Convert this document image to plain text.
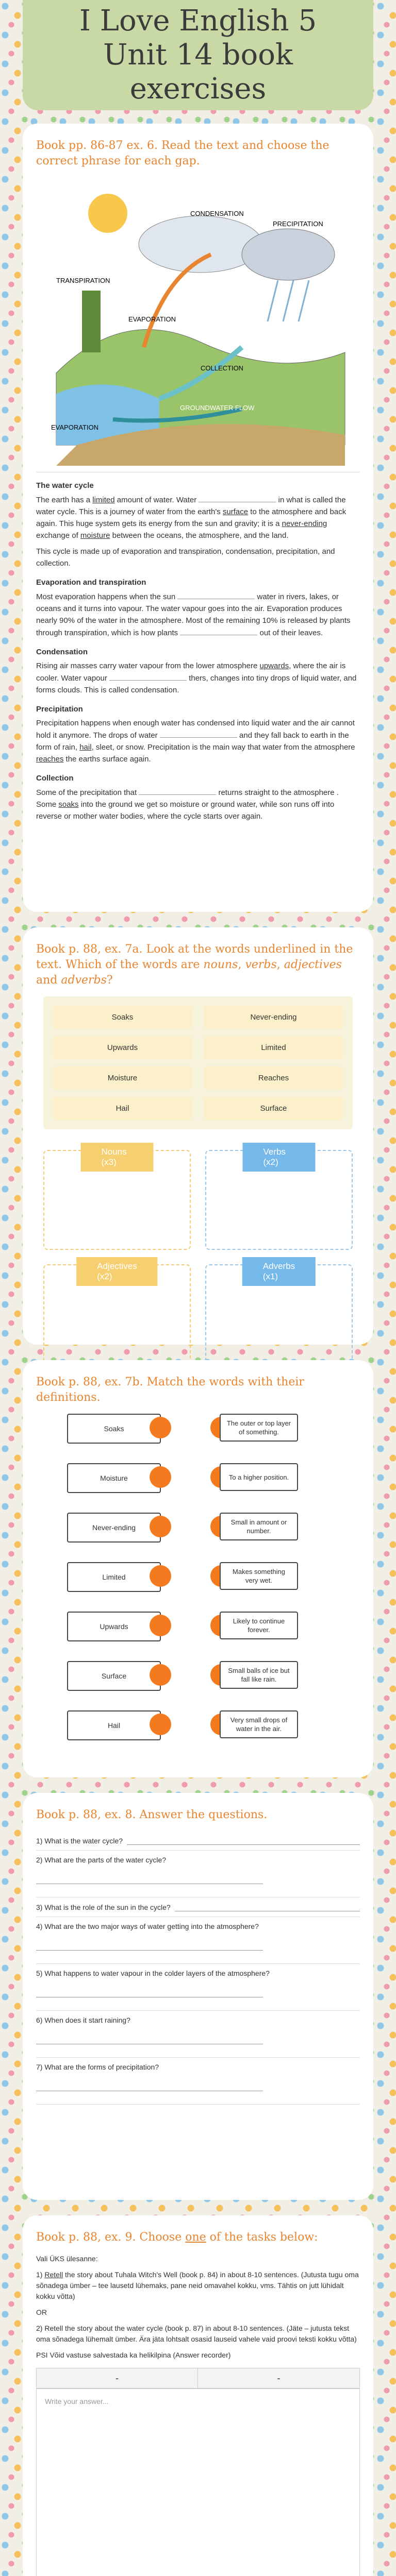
I Love English 5 Unit 14 book exercises
Book pp. 86-87 ex. 6. Read the text and choose the correct phrase for each gap.
CONDENSATION
PRECIPITATION
TRANSPIRATION
EVAPORATION
COLLECTION
GROUNDWATER FLOW
EVAPORATION
The water cycle

The earth has a limited amount of water. Water	in what is called the water cycle. This is a journey of water from the earth's surface to the atmosphere and back again. This huge system gets its energy from the sun and gravity; it is a never-ending exchange of moisture between the oceans, the atmosphere, and the land.

This cycle is made up of evaporation and transpiration, condensation, precipitation, and collection.

Evaporation and transpiration

Most evaporation happens when the sun	water in rivers, lakes, or oceans and it turns into vapour. The water vapour goes into the air. Evaporation produces nearly 90% of the water in the atmosphere. Most of the remaining 10% is released by plants through transpiration, which is how plants	out of their leaves.

Condensation

Rising air masses carry water vapour from the lower atmosphere upwards, where the air is cooler. Water vapour	thers, changes into tiny drops of liquid water, and forms clouds. This is called condensation.

Precipitation

Precipitation happens when enough water has condensed into liquid water and the air cannot hold it anymore. The drops of water	and they fall back to earth in the form of rain, hail, sleet, or snow. Precipitation is the main way that water from the atmosphere reaches the earths surface again.

Collection

Some of the precipitation that	returns straight to the atmosphere . Some soaks into the ground we get so moisture or ground water, while son runs off into reverse or mother water bodies, where the cycle starts over again.

Book p. 88, ex. 7a. Look at the words underlined in the text. Which of the words are nouns, verbs, adjectives and adverbs?
Soaks	Never-ending
Upwards	Limited
Moisture	Reaches
Hail	Surface
Nouns (x3)
Verbs (x2)
Adjectives (x2)
Adverbs (x1)
Book p. 88, ex. 7b. Match the words with their definitions.
Soaks
The outer or top layer of something.
Moisture	To a higher position.
Never-ending
Small in amount or number.
Limited
Makes something very wet.
Upwards
Likely to continue forever.
Surface
Small balls of ice but fall like rain.
Hail
Very small drops of water in the air.
Book p. 88, ex. 8. Answer the questions.
1) What is the water cycle?
2) What are the parts of the water cycle?
3) What is the role of the sun in the cycle?
4) What are the two major ways of water getting into the atmosphere?
5) What happens to water vapour in the colder layers of the atmosphere?
6) When does it start raining?
7) What are the forms of precipitation?
Book p. 88, ex. 9. Choose one of the tasks below:

Vali ÜKS ülesanne:

1) Retell the story about Tuhala Witch's Well (book p. 84) in about 8-10 sentences. (Jutusta tugu oma sõnadega ümber – tee lausetd lühemaks, pane neid omavahel kokku, vms. Tähtis on jutt lühidalt kokku võtta)

OR

2) Retell the story about the water cycle (book p. 87) in about 8-10 sentences. (Jäte – jutusta tekst oma sõnadega lühemalt ümber. Ära jäta lohtsalt osasid lauseid vahele vaid proovi teksti kokku võtta)

PSI Võid vastuse salvestada ka helikilpina (Answer recorder)

-	-
Write your answer...
